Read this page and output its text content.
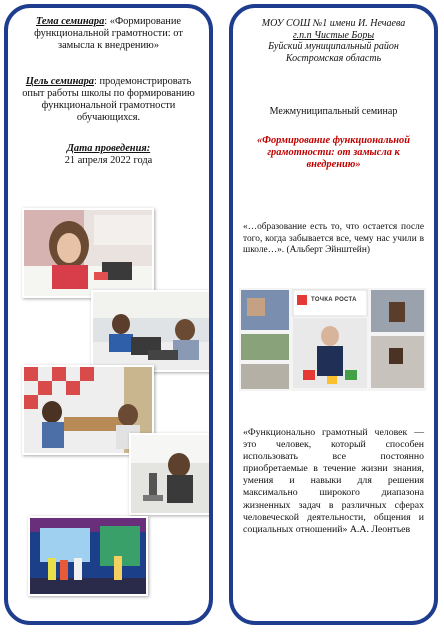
Тема семинара: «Формирование функциональной грамотности: от замысла к внедрению»
Цель семинара: продемонстрировать опыт работы школы по формированию функциональной грамотности обучающихся.
Дата проведения:
21 апреля 2022 года
МОУ СОШ №1 имени И. Нечаева
г.п.п Чистые Боры
Буйский муниципальный район
Костромская область
Межмуниципальный семинар
«Формирование функциональной грамотности: от замысла к внедрению»
«…образование есть то, что остается после того, когда забывается все, чему нас учили в школе…». (Альберт Эйнштейн)
ТОЧКА РОСТА
«Функционально грамотный человек — это человек, который способен использовать все постоянно приобретаемые в течение жизни знания, умения и навыки для решения максимально широкого диапазона жизненных задач в различных сферах человеческой деятельности, общения и социальных отношений» А.А. Леонтьев
